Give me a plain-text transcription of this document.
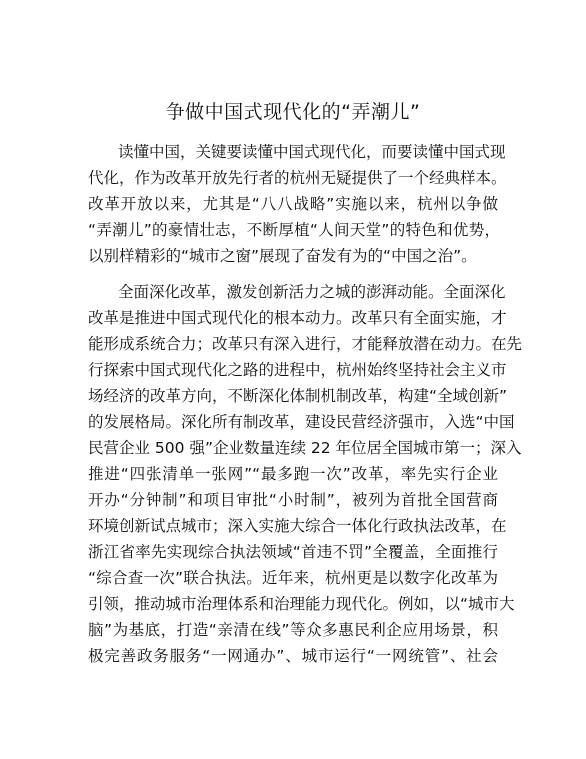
争做中国式现代化的“弄潮儿”
读懂中国，关键要读懂中国式现代化，而要读懂中国式现
代化，作为改革开放先行者的杭州无疑提供了一个经典样本。
改革开放以来，尤其是“八八战略”实施以来，杭州以争做
“弄潮儿”的豪情壮志，不断厚植“人间天堂”的特色和优势，
以别样精彩的“城市之窗”展现了奋发有为的“中国之治”。
全面深化改革，激发创新活力之城的澎湃动能。全面深化
改革是推进中国式现代化的根本动力。改革只有全面实施，才
能形成系统合力；改革只有深入进行，才能释放潜在动力。在先
行探索中国式现代化之路的进程中，杭州始终坚持社会主义市
场经济的改革方向，不断深化体制机制改革，构建“全域创新”
的发展格局。深化所有制改革，建设民营经济强市，入选“中国
民营企业 500 强”企业数量连续 22 年位居全国城市第一；深入
推进“四张清单一张网”“最多跑一次”改革，率先实行企业
开办“分钟制”和项目审批“小时制”，被列为首批全国营商
环境创新试点城市；深入实施大综合一体化行政执法改革，在
浙江省率先实现综合执法领域“首违不罚”全覆盖，全面推行
“综合查一次”联合执法。近年来，杭州更是以数字化改革为
引领，推动城市治理体系和治理能力现代化。例如，以“城市大
脑”为基底，打造“亲清在线”等众多惠民利企应用场景，积
极完善政务服务“一网通办”、城市运行“一网统管”、社会
